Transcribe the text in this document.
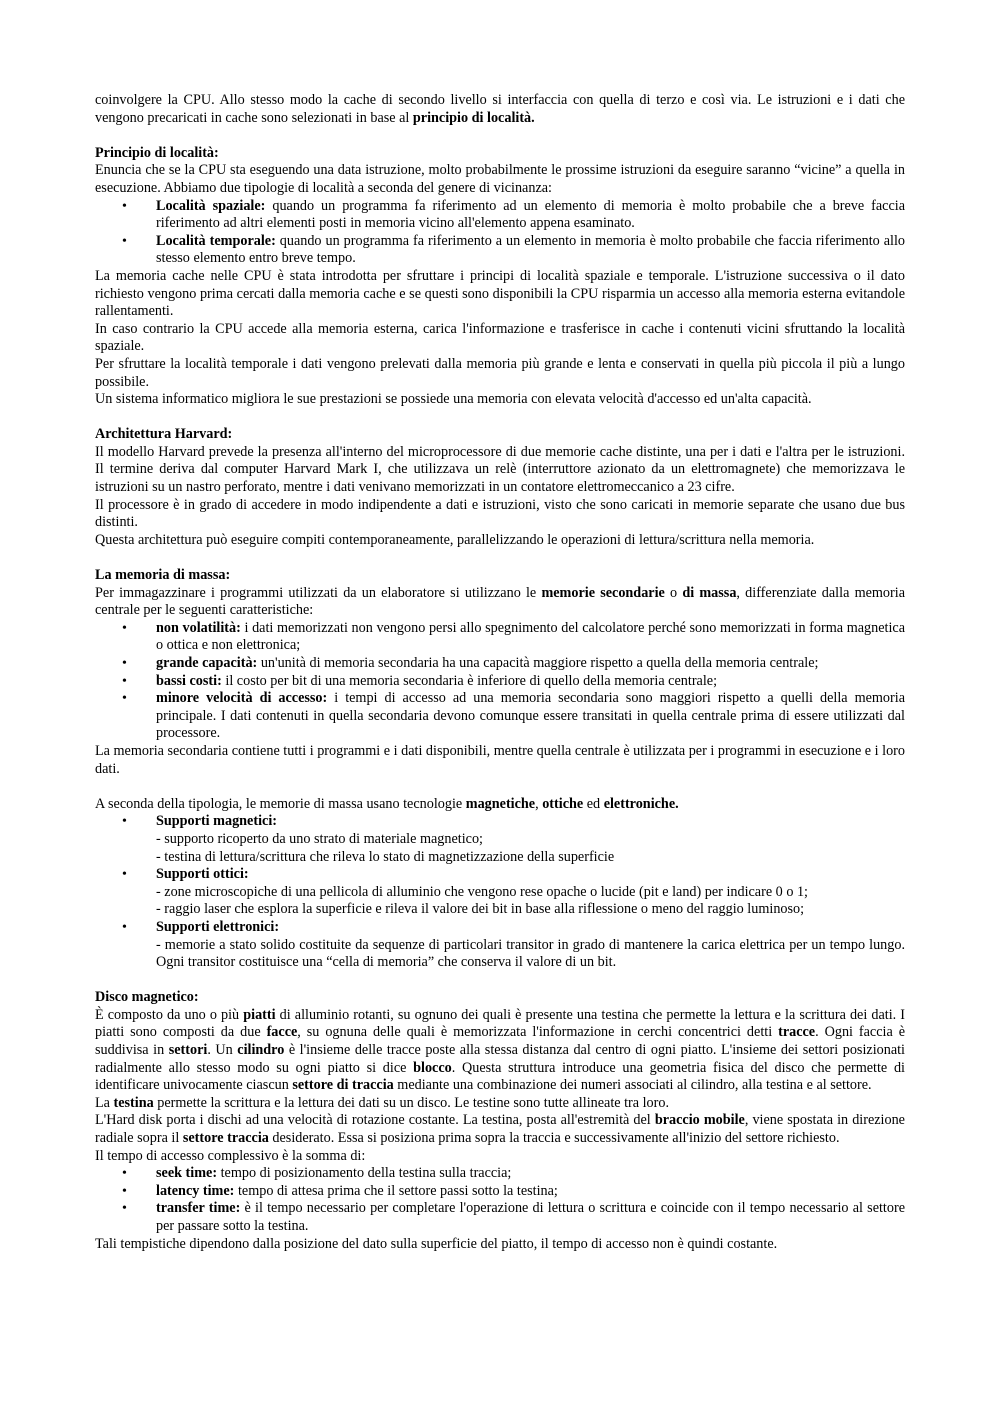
coinvolgere la CPU. Allo stesso modo la cache di secondo livello si interfaccia con quella di terzo e così via. Le istruzioni e i dati che vengono precaricati in cache sono selezionati in base al principio di località.

Principio di località:

Enuncia che se la CPU sta eseguendo una data istruzione, molto probabilmente le prossime istruzioni da eseguire saranno “vicine” a quella in esecuzione. Abbiamo due tipologie di località a seconda del genere di vicinanza:

• Località spaziale: quando un programma fa riferimento ad un elemento di memoria è molto probabile che a breve faccia riferimento ad altri elementi posti in memoria vicino all'elemento appena esaminato.
• Località temporale: quando un programma fa riferimento a un elemento in memoria è molto probabile che faccia riferimento allo stesso elemento entro breve tempo.

La memoria cache nelle CPU è stata introdotta per sfruttare i principi di località spaziale e temporale. L'istruzione successiva o il dato richiesto vengono prima cercati dalla memoria cache e se questi sono disponibili la CPU risparmia un accesso alla memoria esterna evitandole rallentamenti.

In caso contrario la CPU accede alla memoria esterna, carica l'informazione e trasferisce in cache i contenuti vicini sfruttando la località spaziale.

Per sfruttare la località temporale i dati vengono prelevati dalla memoria più grande e lenta e conservati in quella più piccola il più a lungo possibile.

Un sistema informatico migliora le sue prestazioni se possiede una memoria con elevata velocità d'accesso ed un'alta capacità.

Architettura Harvard:

Il modello Harvard prevede la presenza all'interno del microprocessore di due memorie cache distinte, una per i dati e l'altra per le istruzioni. Il termine deriva dal computer Harvard Mark I, che utilizzava un relè (interruttore azionato da un elettromagnete) che memorizzava le istruzioni su un nastro perforato, mentre i dati venivano memorizzati in un contatore elettromeccanico a 23 cifre.

Il processore è in grado di accedere in modo indipendente a dati e istruzioni, visto che sono caricati in memorie separate che usano due bus distinti.

Questa architettura può eseguire compiti contemporaneamente, parallelizzando le operazioni di lettura/scrittura nella memoria.

La memoria di massa:

Per immagazzinare i programmi utilizzati da un elaboratore si utilizzano le memorie secondarie o di massa, differenziate dalla memoria centrale per le seguenti caratteristiche:

• non volatilità: i dati memorizzati non vengono persi allo spegnimento del calcolatore perché sono memorizzati in forma magnetica o ottica e non elettronica;
• grande capacità: un'unità di memoria secondaria ha una capacità maggiore rispetto a quella della memoria centrale;
• bassi costi: il costo per bit di una memoria secondaria è inferiore di quello della memoria centrale;
• minore velocità di accesso: i tempi di accesso ad una memoria secondaria sono maggiori rispetto a quelli della memoria principale. I dati contenuti in quella secondaria devono comunque essere transitati in quella centrale prima di essere utilizzati dal processore.

La memoria secondaria contiene tutti i programmi e i dati disponibili, mentre quella centrale è utilizzata per i programmi in esecuzione e i loro dati.

A seconda della tipologia, le memorie di massa usano tecnologie magnetiche, ottiche ed elettroniche.

• Supporti magnetici:
- supporto ricoperto da uno strato di materiale magnetico;
- testina di lettura/scrittura che rileva lo stato di magnetizzazione della superficie
• Supporti ottici:
- zone microscopiche di una pellicola di alluminio che vengono rese opache o lucide (pit e land) per indicare 0 o 1;
- raggio laser che esplora la superficie e rileva il valore dei bit in base alla riflessione o meno del raggio luminoso;
• Supporti elettronici:
- memorie a stato solido costituite da sequenze di particolari transitor in grado di mantenere la carica elettrica per un tempo lungo. Ogni transitor costituisce una “cella di memoria” che conserva il valore di un bit.

Disco magnetico:

È composto da uno o più piatti di alluminio rotanti, su ognuno dei quali è presente una testina che permette la lettura e la scrittura dei dati. I piatti sono composti da due facce, su ognuna delle quali è memorizzata l'informazione in cerchi concentrici detti tracce. Ogni faccia è suddivisa in settori. Un cilindro è l'insieme delle tracce poste alla stessa distanza dal centro di ogni piatto. L'insieme dei settori posizionati radialmente allo stesso modo su ogni piatto si dice blocco. Questa struttura introduce una geometria fisica del disco che permette di identificare univocamente ciascun settore di traccia mediante una combinazione dei numeri associati al cilindro, alla testina e al settore.

La testina permette la scrittura e la lettura dei dati su un disco. Le testine sono tutte allineate tra loro.

L'Hard disk porta i dischi ad una velocità di rotazione costante. La testina, posta all'estremità del braccio mobile, viene spostata in direzione radiale sopra il settore traccia desiderato. Essa si posiziona prima sopra la traccia e successivamente all'inizio del settore richiesto.

Il tempo di accesso complessivo è la somma di:

• seek time: tempo di posizionamento della testina sulla traccia;
• latency time: tempo di attesa prima che il settore passi sotto la testina;
• transfer time: è il tempo necessario per completare l'operazione di lettura o scrittura e coincide con il tempo necessario al settore per passare sotto la testina.

Tali tempistiche dipendono dalla posizione del dato sulla superficie del piatto, il tempo di accesso non è quindi costante.
